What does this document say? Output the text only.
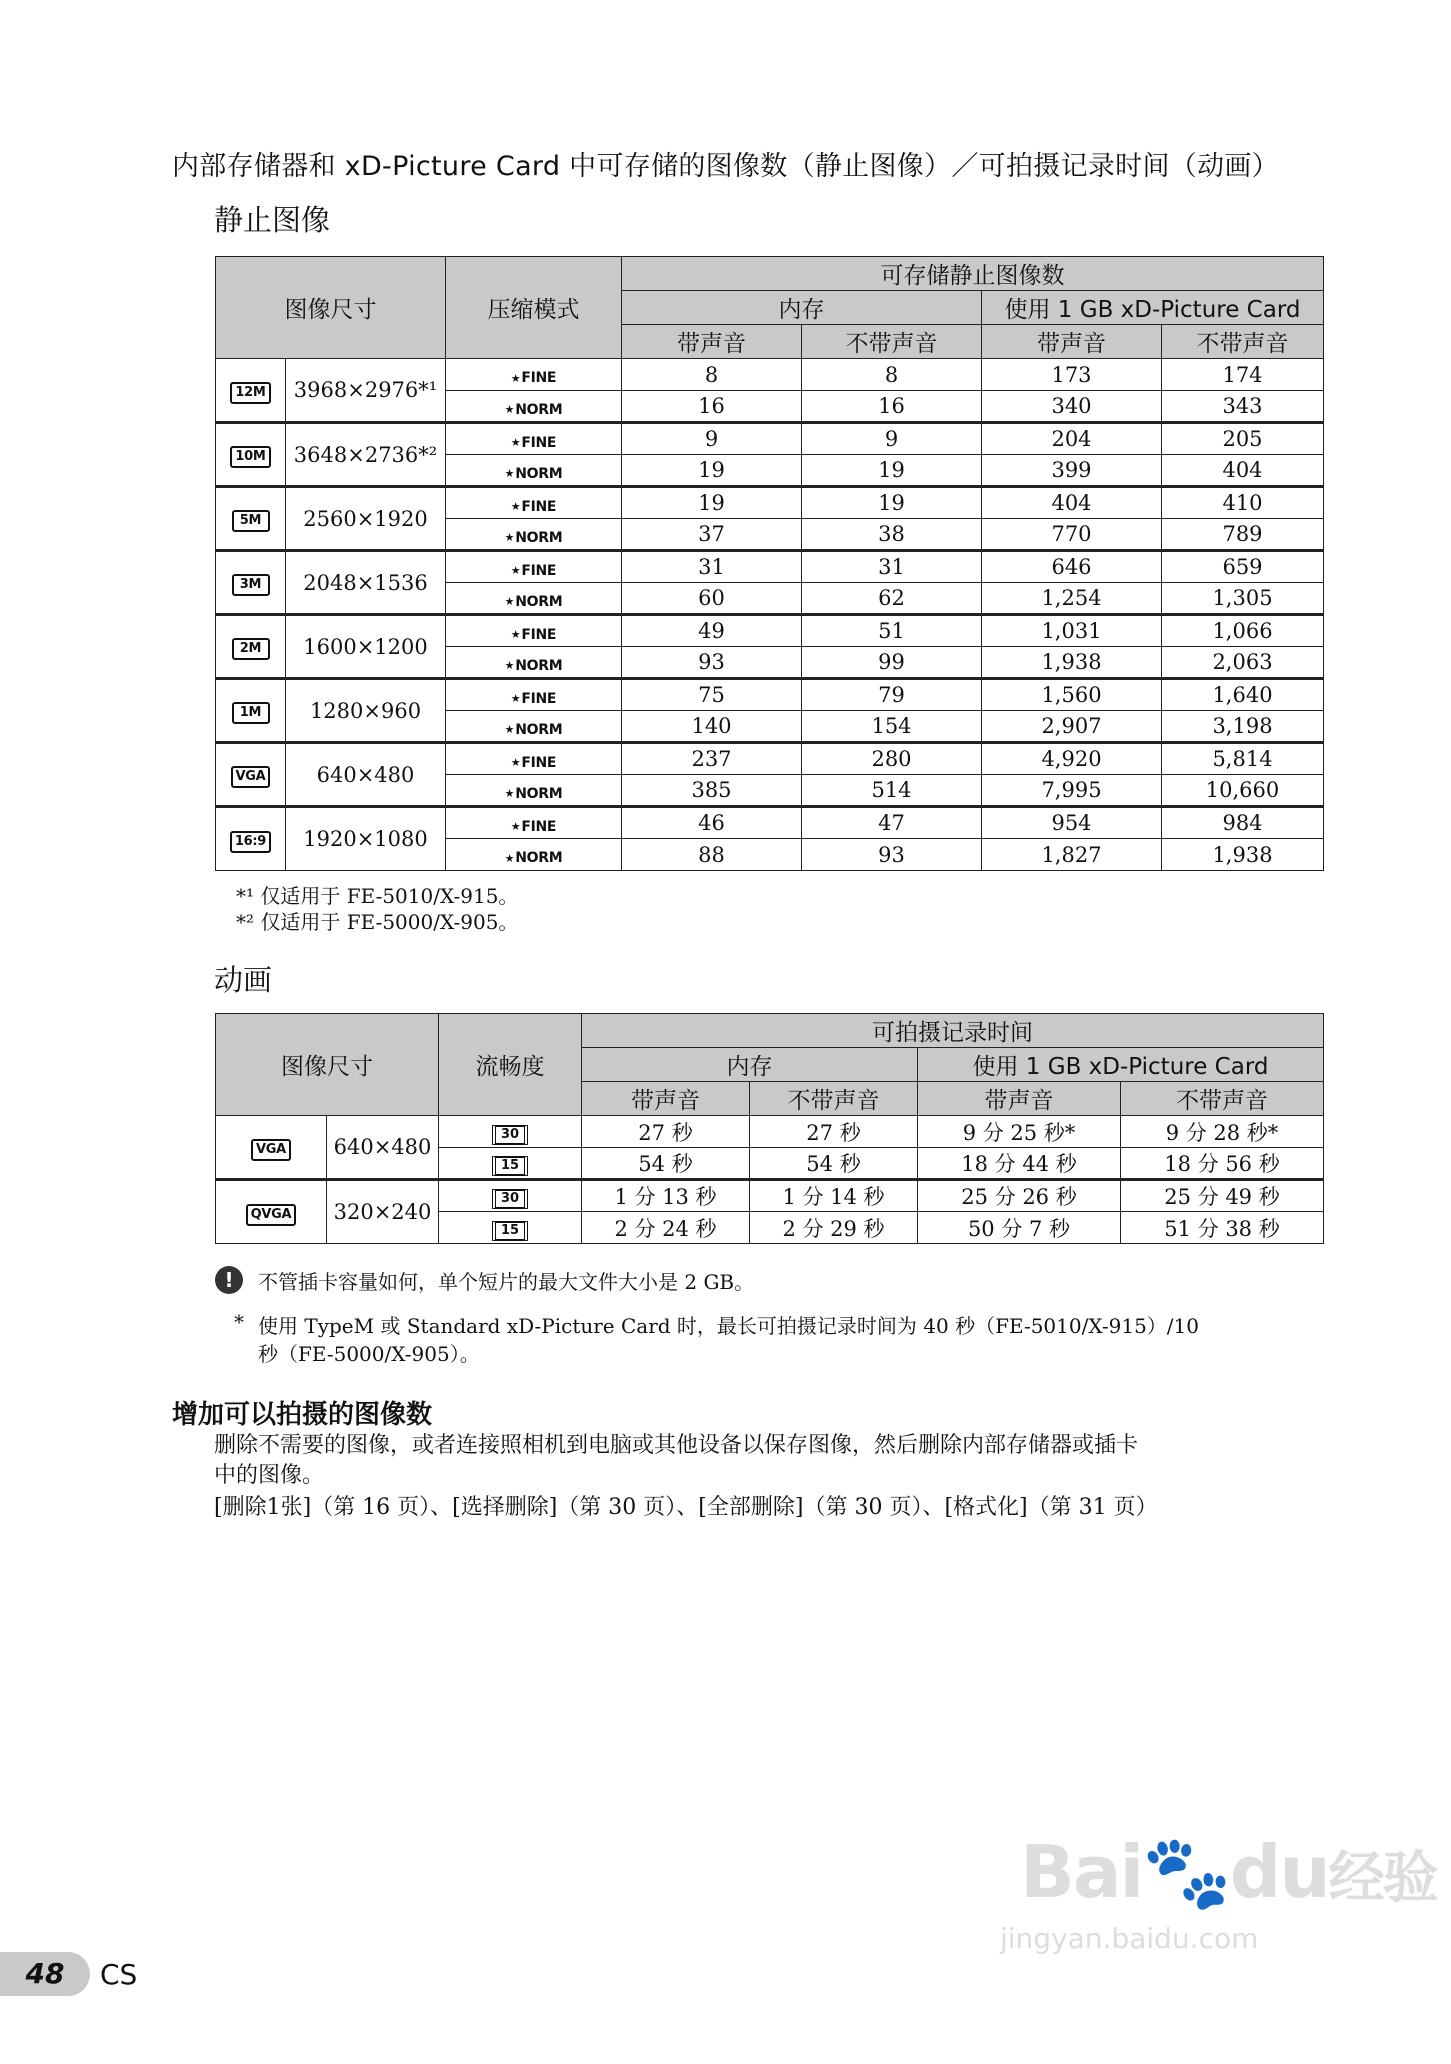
内部存储器和 xD-Picture Card 中可存储的图像数（静止图像）／可拍摄记录时间（动画）
静止图像
图像尺寸		压缩模式	可存储静止图像数			
			内存		使用 1 GB xD-Picture Card	
			带声音	不带声音	带声音	不带声音
12M	3968×2976*¹	★ FINE	8	8	173	174

		★ NORM	16	16	340	343
10M	3648×2736*²	★ FINE	9	9	204	205

		★ NORM	19	19	399	404
5M	2560×1920	★ FINE	19	19	404	410

		★ NORM	37	38	770	789
3M	2048×1536	★ FINE	31	31	646	659

		★ NORM	60	62	1,254	1,305
2M	1600×1200	★ FINE	49	51	1,031	1,066

		★ NORM	93	99	1,938	2,063
1M	1280×960	★ FINE	75	79	1,560	1,640

		★ NORM	140	154	2,907	3,198
VGA	640×480	★ FINE	237	280	4,920	5,814

		★ NORM	385	514	7,995	10,660
16:9	1920×1080	★ FINE	46	47	954	984

		★ NORM	88	93	1,827	1,938
*¹ 仅适用于 FE-5010/X-915。
*² 仅适用于 FE-5000/X-905。
动画
图像尺寸		流畅度	可拍摄记录时间			
			内存		使用 1 GB xD-Picture Card	
			带声音	不带声音	带声音	不带声音
VGA	640×480	30	27 秒	27 秒	9 分 25 秒*	9 分 28 秒*
		15	54 秒	54 秒	18 分 44 秒	18 分 56 秒
QVGA	320×240	30	1 分 13 秒	1 分 14 秒	25 分 26 秒	25 分 49 秒
		15	2 分 24 秒	2 分 29 秒	50 分 7 秒	51 分 38 秒
!	不管插卡容量如何，单个短片的最大文件大小是 2 GB。
* 使用 TypeM 或 Standard xD-Picture Card 时，最长可拍摄记录时间为 40 秒（FE-5010/X-915）/10
秒（FE-5000/X-905）。
增加可以拍摄的图像数
删除不需要的图像，或者连接照相机到电脑或其他设备以保存图像，然后删除内部存储器或插卡
中的图像。
[删除1张]（第 16 页）、[选择删除]（第 30 页）、[全部删除]（第 30 页）、[格式化]（第 31 页）
Bai🐾du经验
jingyan.baidu.com
48	CS
